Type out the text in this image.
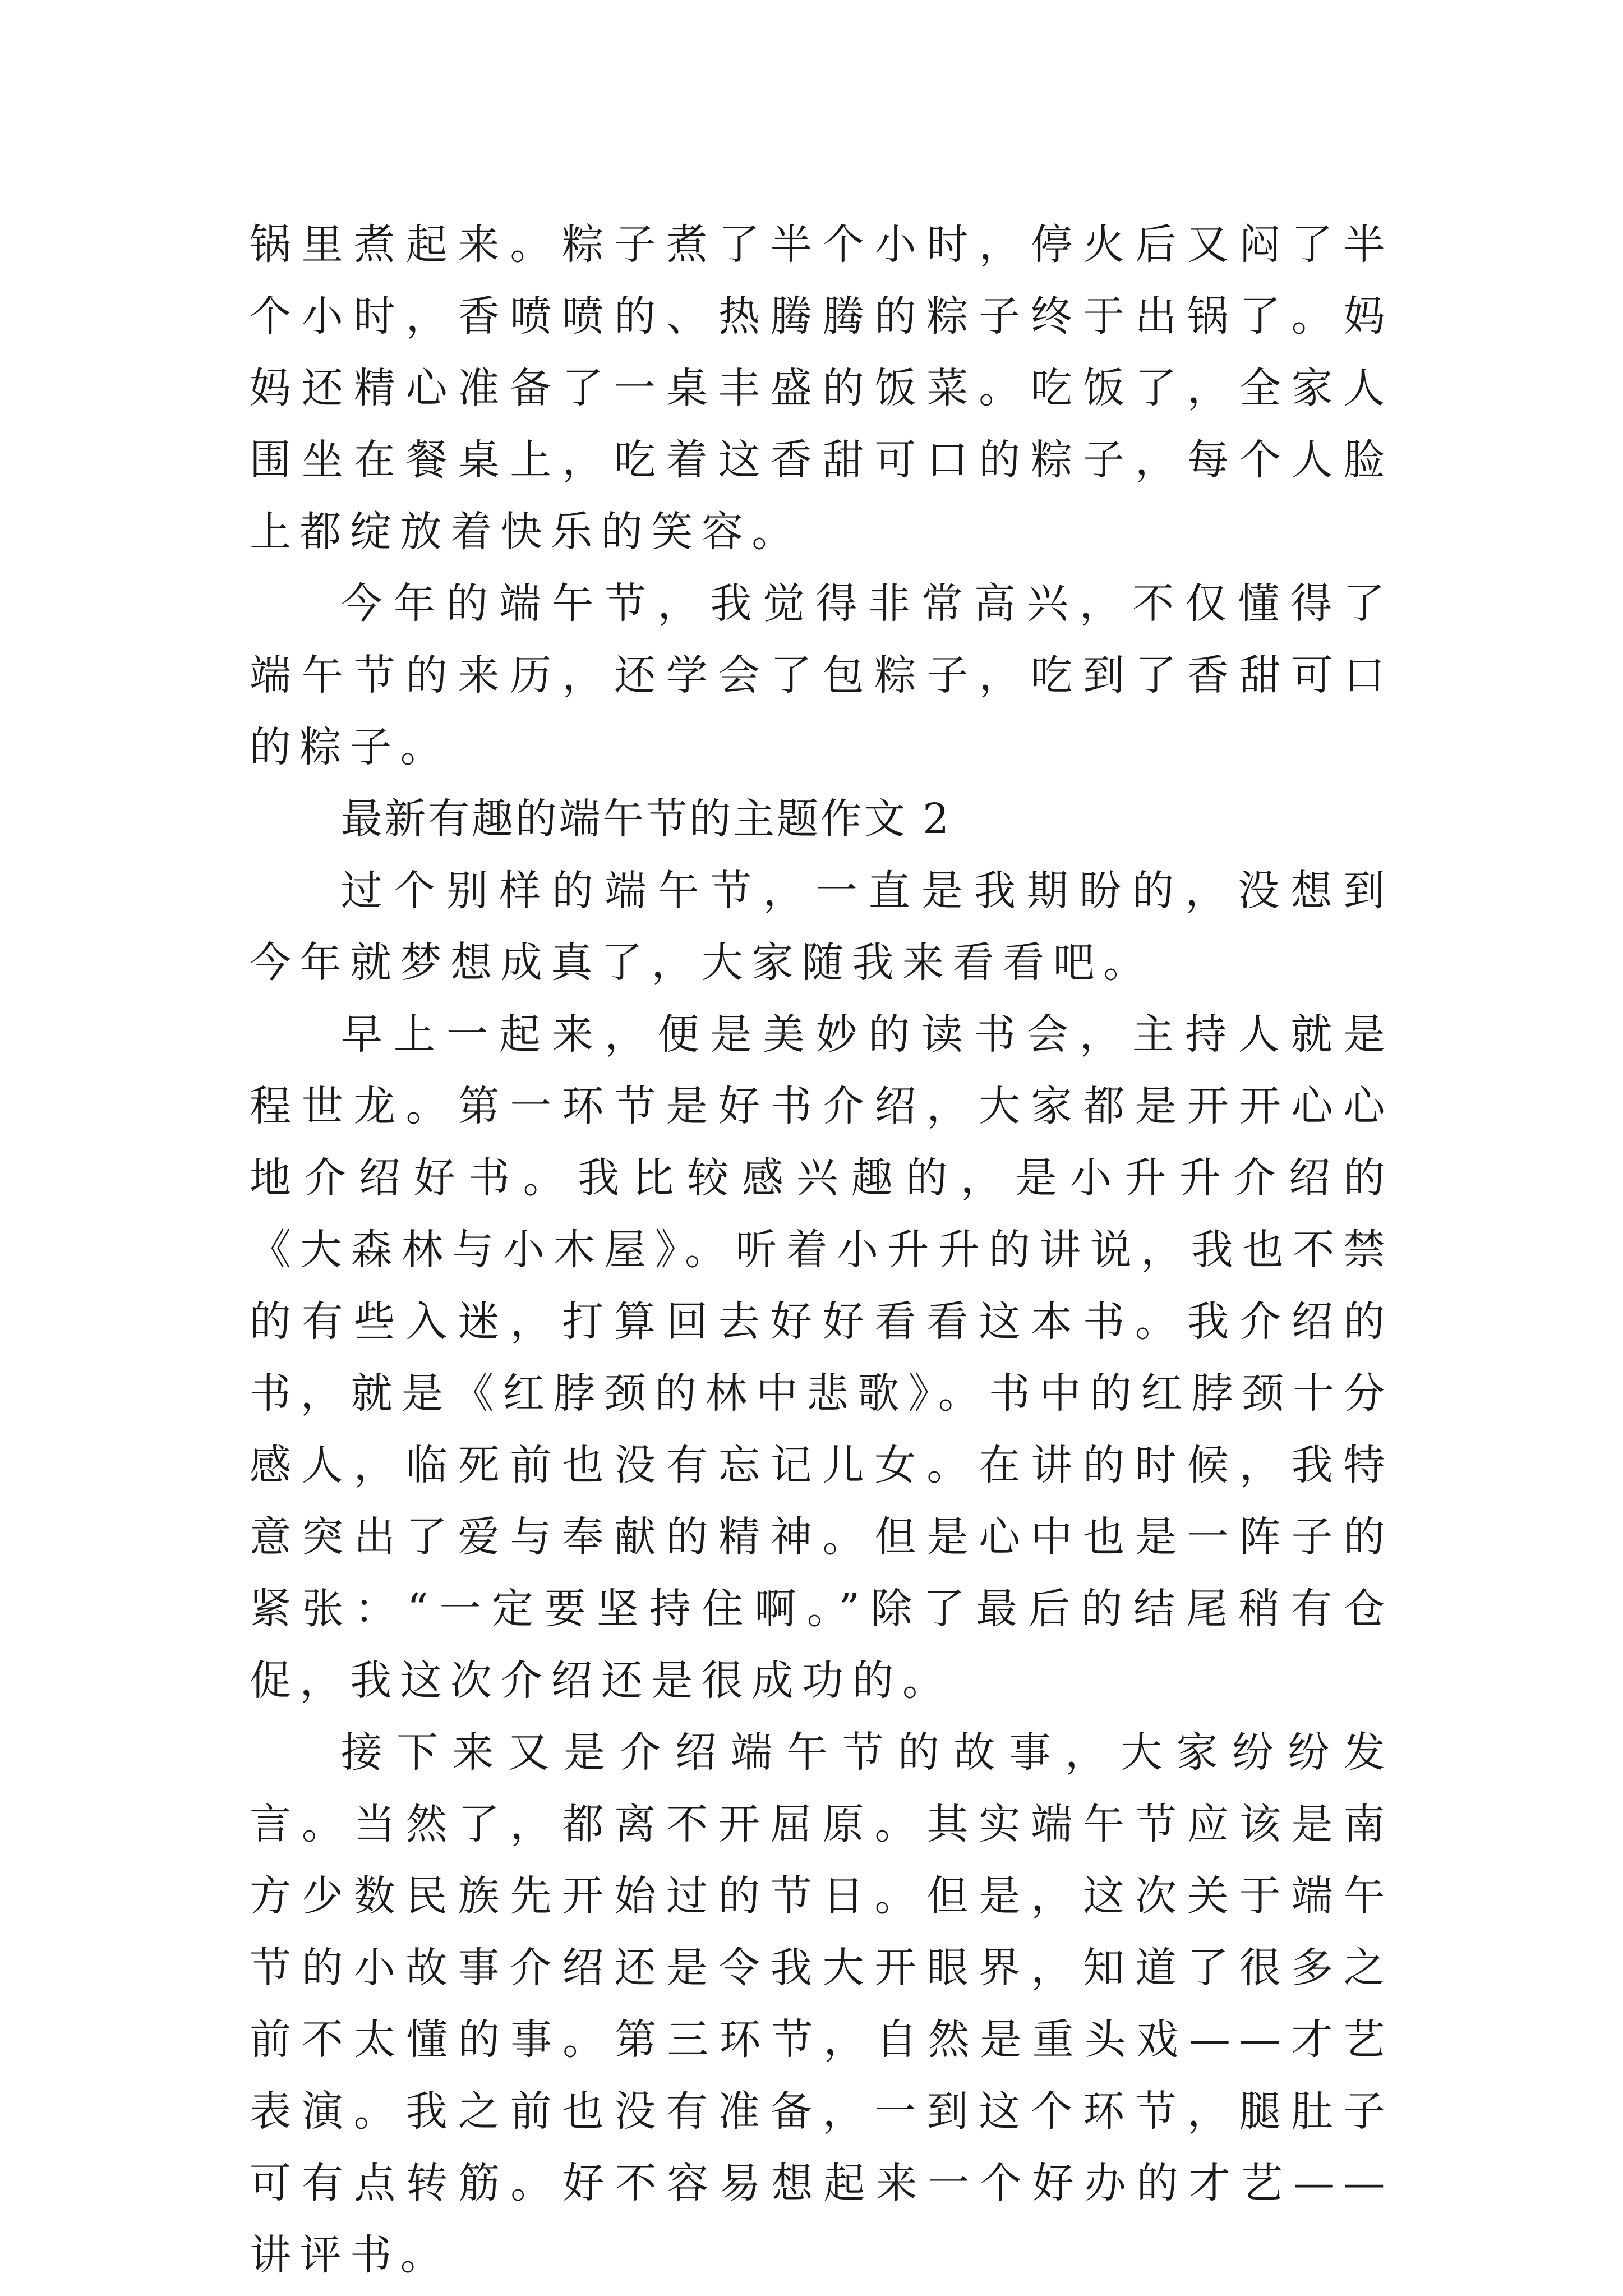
锅里煮起来。粽子煮了半个小时，停火后又闷了半个小时，香喷喷的、热腾腾的粽子终于出锅了。妈妈还精心准备了一桌丰盛的饭菜。吃饭了，全家人围坐在餐桌上，吃着这香甜可口的粽子，每个人脸上都绽放着快乐的笑容。

今年的端午节，我觉得非常高兴，不仅懂得了端午节的来历，还学会了包粽子，吃到了香甜可口的粽子。

最新有趣的端午节的主题作文 2

过个别样的端午节，一直是我期盼的，没想到今年就梦想成真了，大家随我来看看吧。

早上一起来，便是美妙的读书会，主持人就是程世龙。第一环节是好书介绍，大家都是开开心心地介绍好书。我比较感兴趣的，是小升升介绍的《大森林与小木屋》。听着小升升的讲说，我也不禁的有些入迷，打算回去好好看看这本书。我介绍的书，就是《红脖颈的林中悲歌》。书中的红脖颈十分感人，临死前也没有忘记儿女。在讲的时候，我特意突出了爱与奉献的精神。但是心中也是一阵子的紧张：“一定要坚持住啊。”除了最后的结尾稍有仓促，我这次介绍还是很成功的。

接下来又是介绍端午节的故事，大家纷纷发言。当然了，都离不开屈原。其实端午节应该是南方少数民族先开始过的节日。但是，这次关于端午节的小故事介绍还是令我大开眼界，知道了很多之前不太懂的事。第三环节，自然是重头戏——才艺表演。我之前也没有准备，一到这个环节，腿肚子可有点转筋。好不容易想起来一个好办的才艺——讲评书。
